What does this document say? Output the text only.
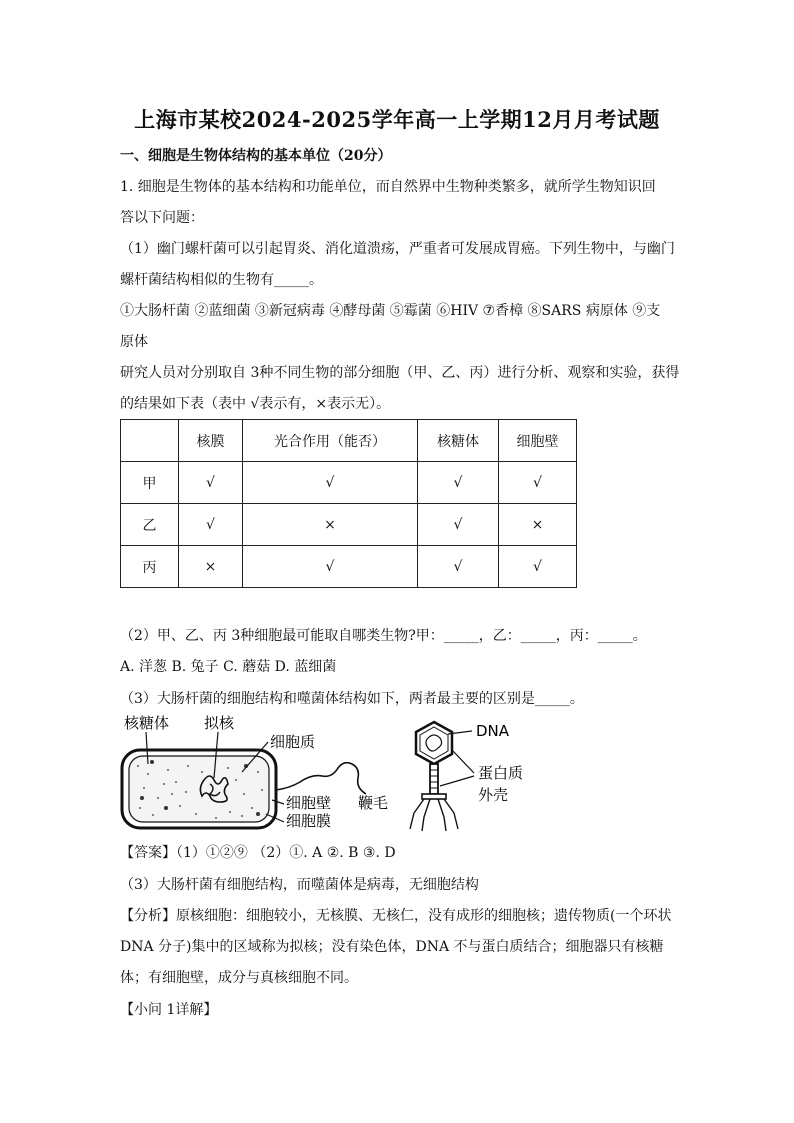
上海市某校2024-2025学年高一上学期12月月考试题
一、细胞是生物体结构的基本单位（20分）
1. 细胞是生物体的基本结构和功能单位，而自然界中生物种类繁多，就所学生物知识回
答以下问题：
（1）幽门螺杆菌可以引起胃炎、消化道溃疡，严重者可发展成胃癌。下列生物中，与幽门
螺杆菌结构相似的生物有_____。
①大肠杆菌 ②蓝细菌 ③新冠病毒 ④酵母菌 ⑤霉菌 ⑥HIV ⑦香樟 ⑧SARS 病原体 ⑨支
原体
研究人员对分别取自 3种不同生物的部分细胞（甲、乙、丙）进行分析、观察和实验，获得
的结果如下表（表中 √表示有，×表示无）。
	核膜	光合作用（能否）	核糖体	细胞壁
甲	√	√	√	√
乙	√	×	√	×
丙	×	√	√	√
（2）甲、乙、丙 3种细胞最可能取自哪类生物?甲：_____，乙：_____，丙：_____。
A. 洋葱 B. 兔子 C. 蘑菇 D. 蓝细菌
（3）大肠杆菌的细胞结构和噬菌体结构如下，两者最主要的区别是_____。
核糖体 拟核
细胞质
细胞壁
细胞膜
鞭毛
DNA
蛋白质
外壳
【答案】（1）①②⑨ （2）①. A ②. B ③. D
（3）大肠杆菌有细胞结构，而噬菌体是病毒，无细胞结构
【分析】原核细胞：细胞较小，无核膜、无核仁，没有成形的细胞核；遗传物质(一个环状
DNA 分子)集中的区域称为拟核；没有染色体，DNA 不与蛋白质结合；细胞器只有核糖
体；有细胞壁，成分与真核细胞不同。
【小问 1详解】
